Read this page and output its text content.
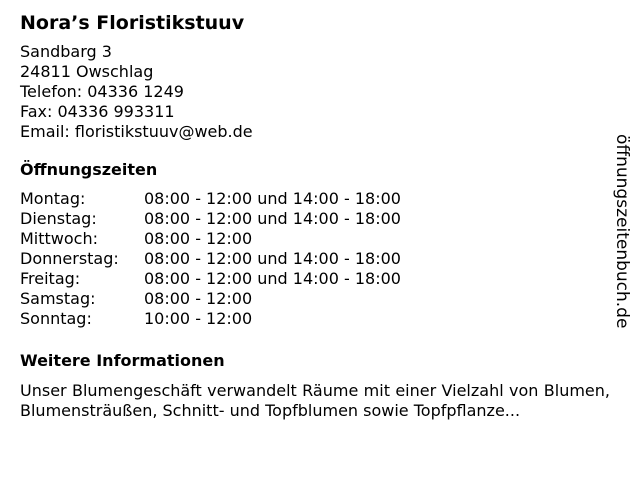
Nora’s Floristikstuuv
Sandbarg 3
24811 Owschlag
Telefon: 04336 1249
Fax: 04336 993311
Email: floristikstuuv@web.de
Öffnungszeiten
Montag:	08:00 - 12:00 und 14:00 - 18:00
Dienstag:	08:00 - 12:00 und 14:00 - 18:00
Mittwoch:	08:00 - 12:00
Donnerstag:	08:00 - 12:00 und 14:00 - 18:00
Freitag:	08:00 - 12:00 und 14:00 - 18:00
Samstag:	08:00 - 12:00
Sonntag:	10:00 - 12:00
Weitere Informationen

Unser Blumengeschäft verwandelt Räume mit einer Vielzahl von Blumen, Blumensträußen, Schnitt- und Topfblumen sowie Topfpflanze...

öffnungszeitenbuch.de
